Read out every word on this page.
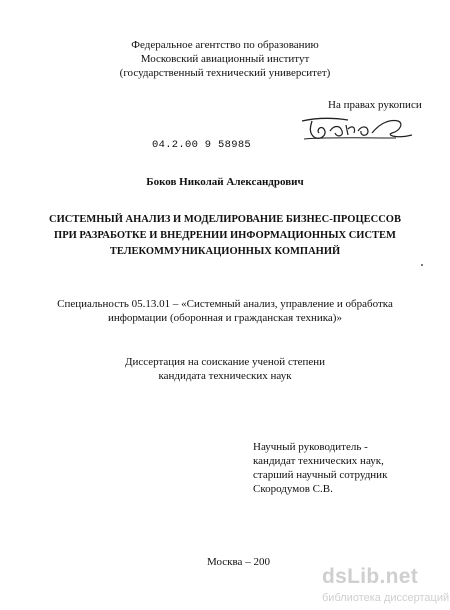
Федеральное агентство по образованию
Московский авиационный институт
(государственный технический университет)
На правах рукописи
04.2.00 9 58985
Боков Николай Александрович
СИСТЕМНЫЙ АНАЛИЗ И МОДЕЛИРОВАНИЕ БИЗНЕС-ПРОЦЕССОВ
ПРИ РАЗРАБОТКЕ И ВНЕДРЕНИИ ИНФОРМАЦИОННЫХ СИСТЕМ
ТЕЛЕКОММУНИКАЦИОННЫХ КОМПАНИЙ
Специальность 05.13.01 – «Системный анализ, управление и обработка
информации (оборонная и гражданская техника)»
Диссертация на соискание ученой степени
кандидата технических наук
Научный руководитель -
кандидат технических наук,
старший научный сотрудник
Скородумов С.В.
Москва – 200
dsLib.net
библиотека диссертаций
